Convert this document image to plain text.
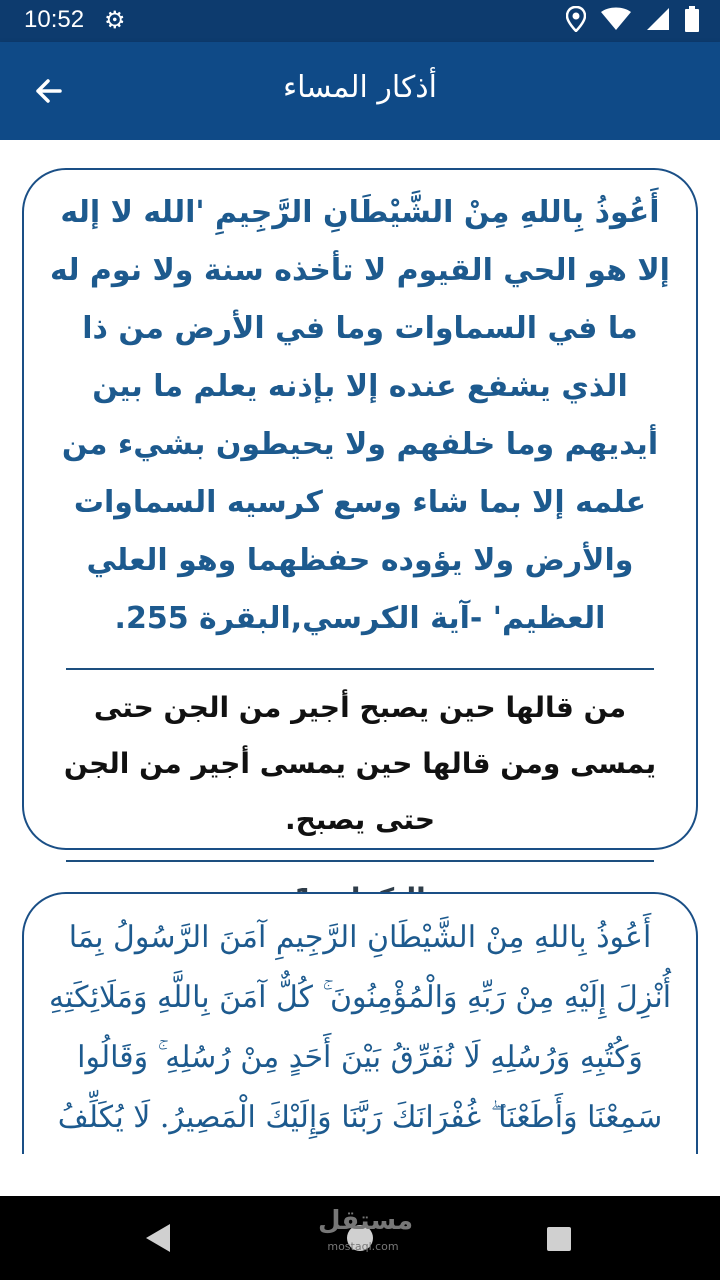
10:52 ⚙
أذكار المساء
أَعُوذُ بِاللهِ مِنْ الشَّيْطَانِ الرَّجِيمِ 'الله لا إله إلا هو الحي القيوم لا تأخذه سنة ولا نوم له ما في السماوات وما في الأرض من ذا الذي يشفع عنده إلا بإذنه يعلم ما بين أيديهم وما خلفهم ولا يحيطون بشيء من علمه إلا بما شاء وسع كرسيه السماوات والأرض ولا يؤوده حفظهما وهو العلي العظيم' -آية الكرسي,البقرة 255.
من قالها حين يصبح أجير من الجن حتى يمسى ومن قالها حين يمسى أجير من الجن حتى يصبح.
أَعُوذُ بِاللهِ مِنْ الشَّيْطَانِ الرَّجِيمِ آمَنَ الرَّسُولُ بِمَا أُنْزِلَ إِلَيْهِ مِنْ رَبِّهِ وَالْمُؤْمِنُونَ ۚ كُلٌّ آمَنَ بِاللَّهِ وَمَلَائِكَتِهِ وَكُتُبِهِ وَرُسُلِهِ لَا نُفَرِّقُ بَيْنَ أَحَدٍ مِنْ رُسُلِهِ ۚ وَقَالُوا سَمِعْنَا وَأَطَعْنَا ۖ غُفْرَانَكَ رَبَّنَا وَإِلَيْكَ الْمَصِيرُ. لَا يُكَلِّفُ
مستقل
mostaql.com
